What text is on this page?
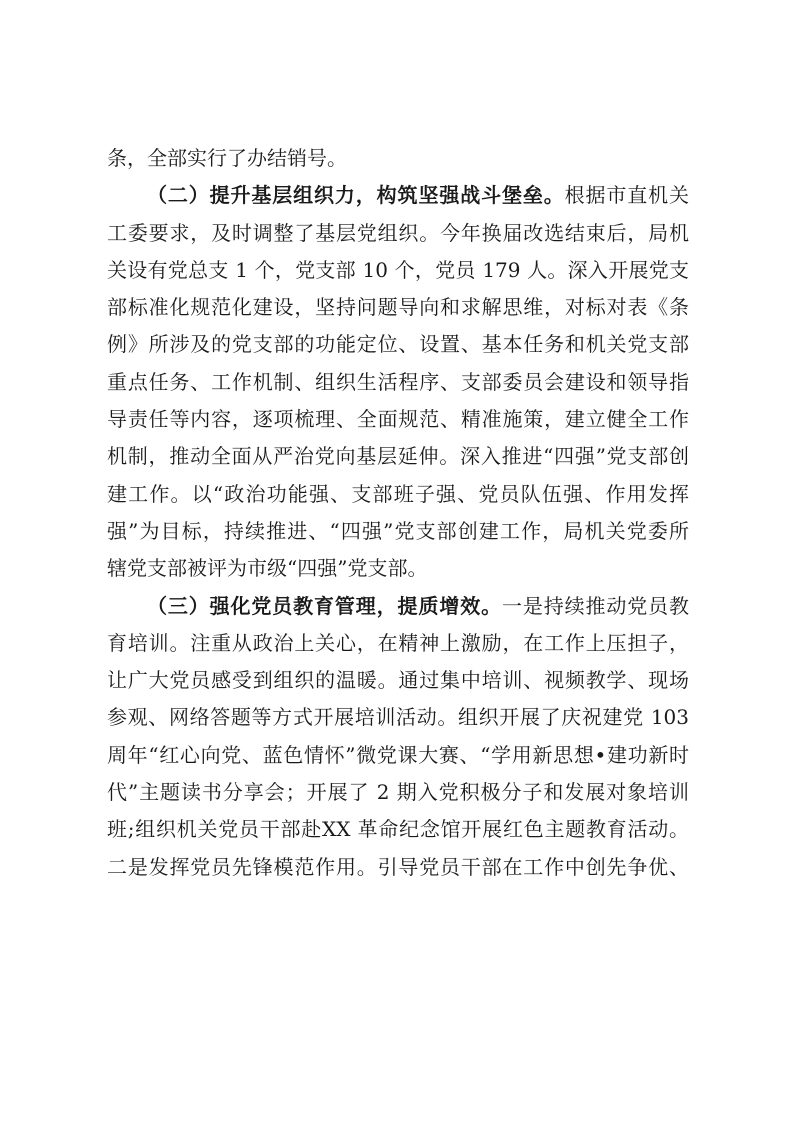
条，全部实行了办结销号。
（二）提升基层组织力，构筑坚强战斗堡垒。根据市直机关
工委要求，及时调整了基层党组织。今年换届改选结束后，局机
关设有党总支 1 个，党支部 10 个，党员 179 人。深入开展党支
部标准化规范化建设，坚持问题导向和求解思维，对标对表《条
例》所涉及的党支部的功能定位、设置、基本任务和机关党支部
重点任务、工作机制、组织生活程序、支部委员会建设和领导指
导责任等内容，逐项梳理、全面规范、精准施策，建立健全工作
机制，推动全面从严治党向基层延伸。深入推进“四强”党支部创
建工作。以“政治功能强、支部班子强、党员队伍强、作用发挥
强”为目标，持续推进、“四强”党支部创建工作，局机关党委所
辖党支部被评为市级“四强”党支部。
（三）强化党员教育管理，提质增效。一是持续推动党员教
育培训。注重从政治上关心，在精神上激励，在工作上压担子，
让广大党员感受到组织的温暖。通过集中培训、视频教学、现场
参观、网络答题等方式开展培训活动。组织开展了庆祝建党 103
周年“红心向党、蓝色情怀”微党课大赛、“学用新思想•建功新时
代”主题读书分享会；开展了 2 期入党积极分子和发展对象培训
班;组织机关党员干部赴XX 革命纪念馆开展红色主题教育活动。
二是发挥党员先锋模范作用。引导党员干部在工作中创先争优、
